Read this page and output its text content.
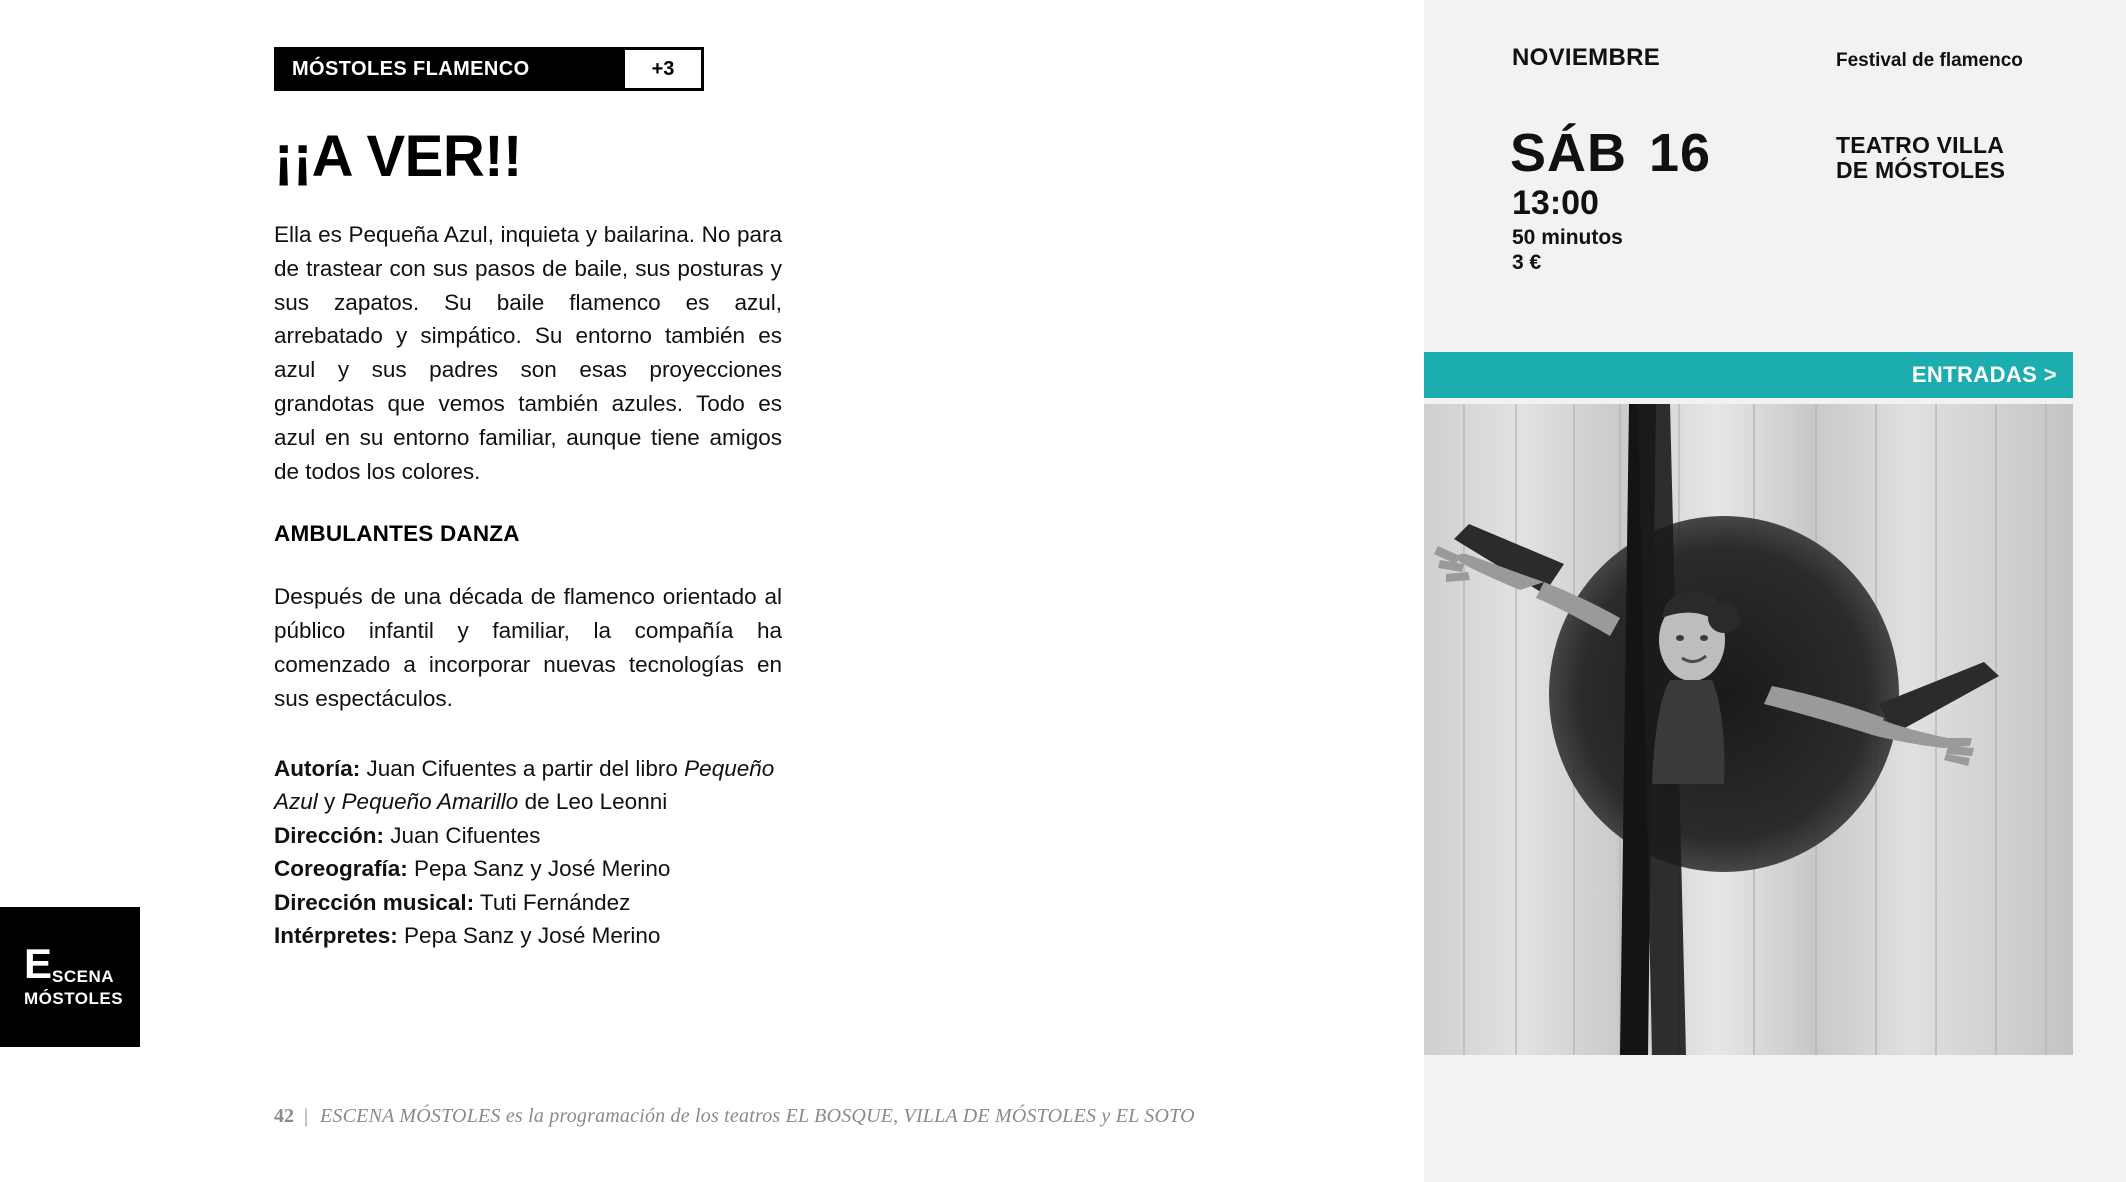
MÓSTOLES FLAMENCO	+3
¡¡A VER!!

Ella es Pequeña Azul, inquieta y bailarina. No para de trastear con sus pasos de baile, sus posturas y sus zapatos. Su baile flamenco es azul, arrebatado y simpático. Su entorno también es azul y sus padres son esas proyecciones grandotas que vemos también azules. Todo es azul en su entorno familiar, aunque tiene amigos de todos los colores.

AMBULANTES DANZA

Después de una década de flamenco orientado al público infantil y familiar, la compañía ha comenzado a incorporar nuevas tecnologías en sus espectáculos.

Autoría: Juan Cifuentes a partir del libro Pequeño Azul y Pequeño Amarillo de Leo Leonni
Dirección: Juan Cifuentes
Coreografía: Pepa Sanz y José Merino
Dirección musical: Tuti Fernández
Intérpretes: Pepa Sanz y José Merino
E SCENA
MÓSTOLES
42 | ESCENA MÓSTOLES es la programación de los teatros EL BOSQUE, VILLA DE MÓSTOLES y EL SOTO
NOVIEMBRE	Festival de flamenco
SÁB 16	TEATRO VILLA
DE MÓSTOLES
13:00
50 minutos
3 €
ENTRADAS >
